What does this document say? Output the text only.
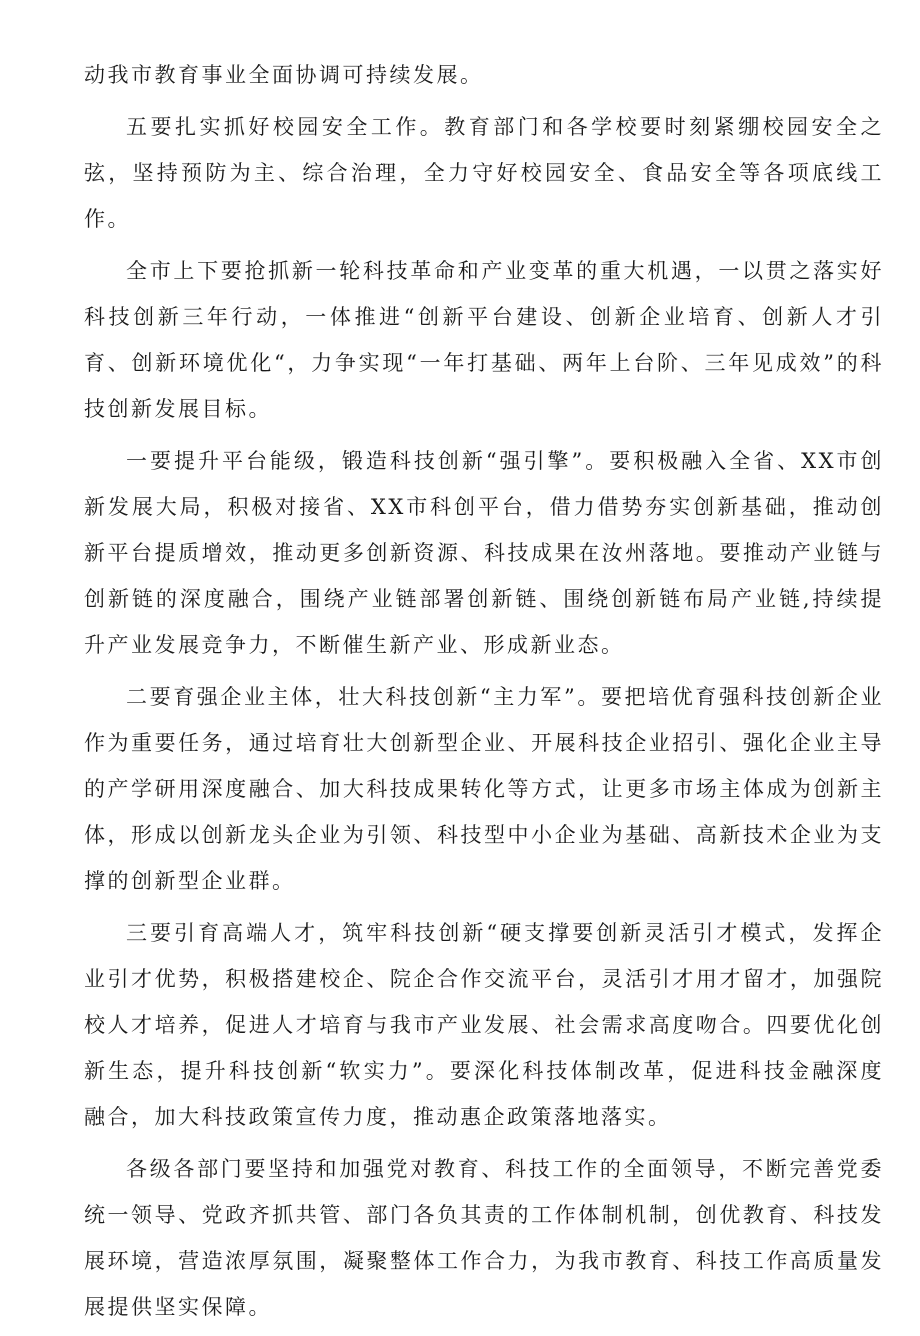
动我市教育事业全面协调可持续发展。

五要扎实抓好校园安全工作。教育部门和各学校要时刻紧绷校园安全之弦，坚持预防为主、综合治理，全力守好校园安全、食品安全等各项底线工作。

全市上下要抢抓新一轮科技革命和产业变革的重大机遇，一以贯之落实好科技创新三年行动，一体推进“创新平台建设、创新企业培育、创新人才引育、创新环境优化“，力争实现“一年打基础、两年上台阶、三年见成效”的科技创新发展目标。

一要提升平台能级，锻造科技创新“强引擎”。要积极融入全省、XX市创新发展大局，积极对接省、XX市科创平台，借力借势夯实创新基础，推动创新平台提质增效，推动更多创新资源、科技成果在汝州落地。要推动产业链与创新链的深度融合，围绕产业链部署创新链、围绕创新链布局产业链,持续提升产业发展竞争力，不断催生新产业、形成新业态。

二要育强企业主体，壮大科技创新“主力军”。要把培优育强科技创新企业作为重要任务，通过培育壮大创新型企业、开展科技企业招引、强化企业主导的产学研用深度融合、加大科技成果转化等方式，让更多市场主体成为创新主体，形成以创新龙头企业为引领、科技型中小企业为基础、高新技术企业为支撑的创新型企业群。

三要引育高端人才，筑牢科技创新“硬支撑要创新灵活引才模式，发挥企业引才优势，积极搭建校企、院企合作交流平台，灵活引才用才留才，加强院校人才培养，促进人才培育与我市产业发展、社会需求高度吻合。四要优化创新生态，提升科技创新“软实力”。要深化科技体制改革，促进科技金融深度融合，加大科技政策宣传力度，推动惠企政策落地落实。

各级各部门要坚持和加强党对教育、科技工作的全面领导，不断完善党委统一领导、党政齐抓共管、部门各负其责的工作体制机制，创优教育、科技发展环境，营造浓厚氛围，凝聚整体工作合力，为我市教育、科技工作高质量发展提供坚实保障。
